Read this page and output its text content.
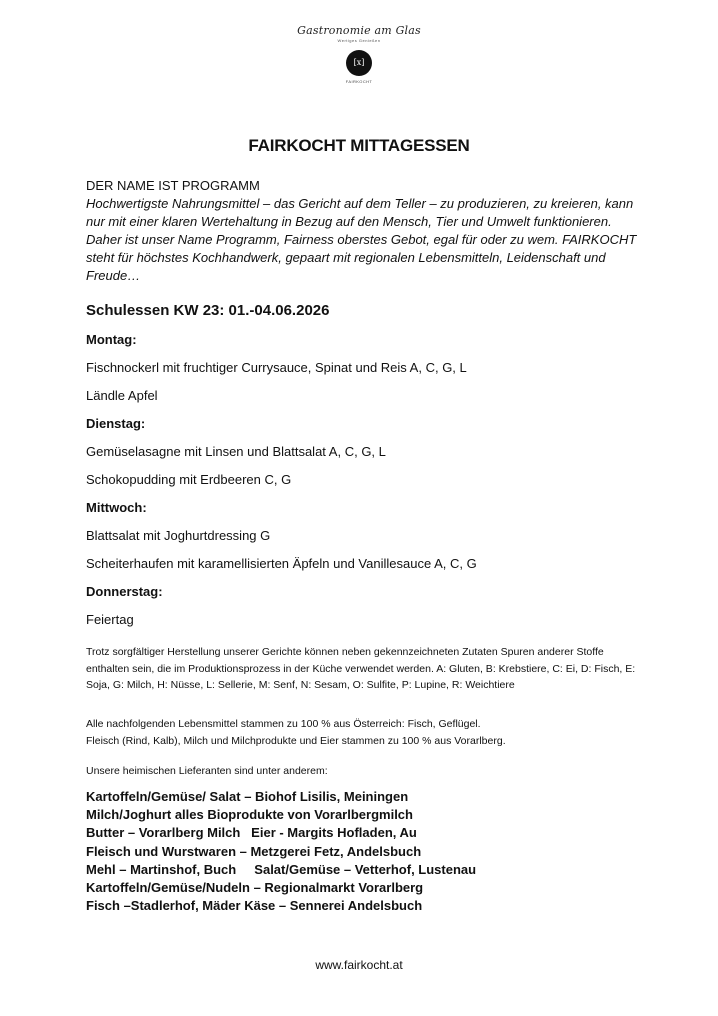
Gastronomie am Glas
Wertiges Genießen
[x]
FAIRKOCHT
FAIRKOCHT MITTAGESSEN
DER NAME IST PROGRAMM
Hochwertigste Nahrungsmittel – das Gericht auf dem Teller – zu produzieren, zu kreieren, kann nur mit einer klaren Wertehaltung in Bezug auf den Mensch, Tier und Umwelt funktionieren. Daher ist unser Name Programm, Fairness oberstes Gebot, egal für oder zu wem. FAIRKOCHT steht für höchstes Kochhandwerk, gepaart mit regionalen Lebensmitteln, Leidenschaft und Freude…
Schulessen KW 23: 01.-04.06.2026

Montag:

Fischnockerl mit fruchtiger Currysauce, Spinat und Reis A, C, G, L

Ländle Apfel

Dienstag:

Gemüselasagne mit Linsen und Blattsalat A, C, G, L

Schokopudding mit Erdbeeren C, G

Mittwoch:

Blattsalat mit Joghurtdressing G

Scheiterhaufen mit karamellisierten Äpfeln und Vanillesauce A, C, G

Donnerstag:

Feiertag

Trotz sorgfältiger Herstellung unserer Gerichte können neben gekennzeichneten Zutaten Spuren anderer Stoffe enthalten sein, die im Produktionsprozess in der Küche verwendet werden. A: Gluten, B: Krebstiere, C: Ei, D: Fisch, E: Soja, G: Milch, H: Nüsse, L: Sellerie, M: Senf, N: Sesam, O: Sulfite, P: Lupine, R: Weichtiere
Alle nachfolgenden Lebensmittel stammen zu 100 % aus Österreich: Fisch, Geflügel.
Fleisch (Rind, Kalb), Milch und Milchprodukte und Eier stammen zu 100 % aus Vorarlberg.
Unsere heimischen Lieferanten sind unter anderem:
Kartoffeln/Gemüse/ Salat – Biohof Lisilis, Meiningen
Milch/Joghurt alles Bioprodukte von Vorarlbergmilch
Butter – Vorarlberg Milch   Eier - Margits Hofladen, Au
Fleisch und Wurstwaren – Metzgerei Fetz, Andelsbuch
Mehl – Martinshof, Buch     Salat/Gemüse – Vetterhof, Lustenau
Kartoffeln/Gemüse/Nudeln – Regionalmarkt Vorarlberg
Fisch –Stadlerhof, Mäder Käse – Sennerei Andelsbuch
www.fairkocht.at
